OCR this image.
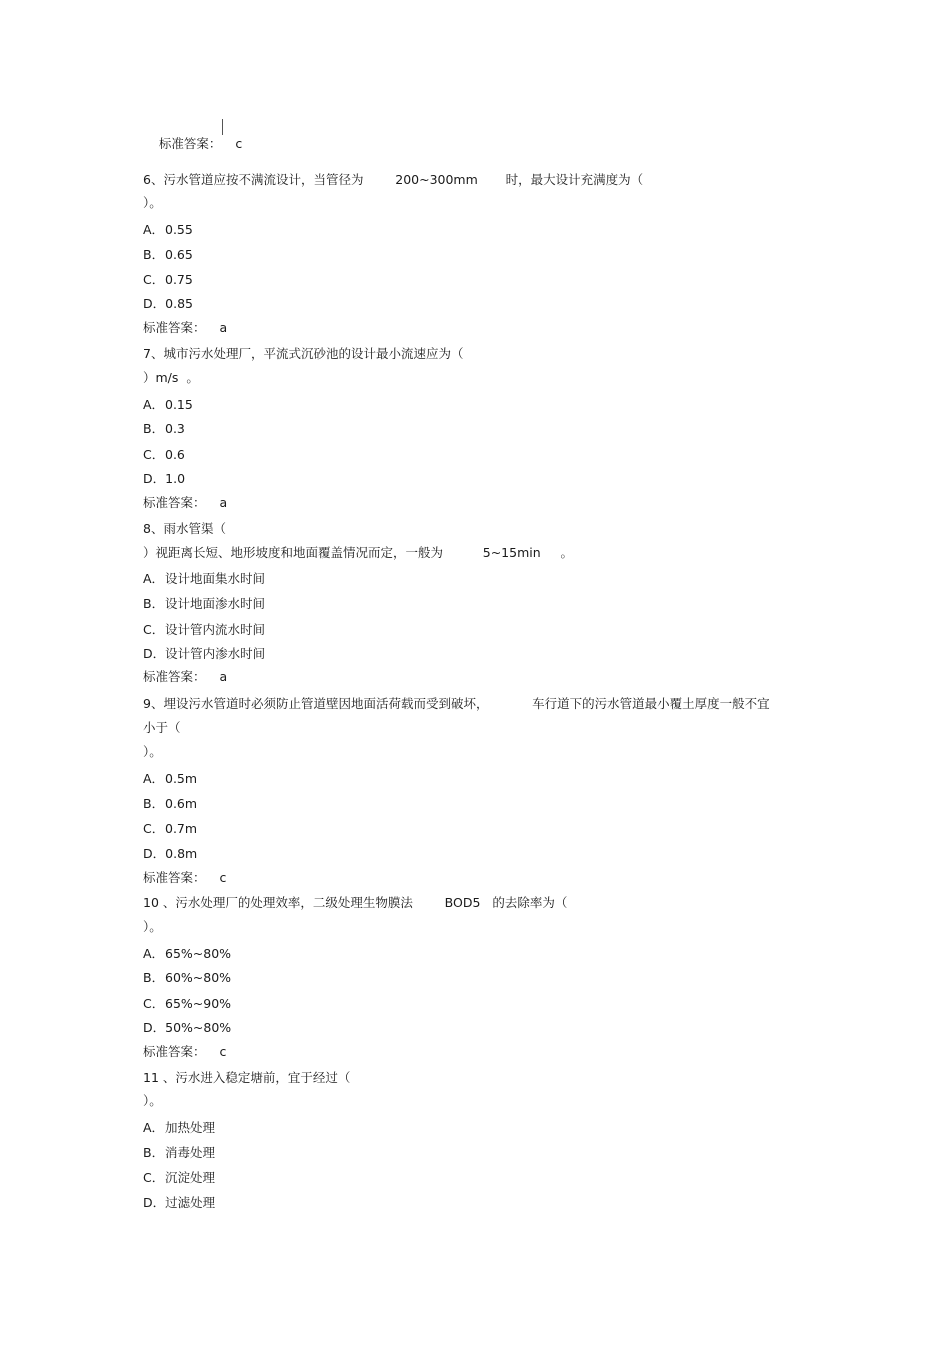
标准答案： c

6、污水管道应按不满流设计，当管径为        200~300mm       时，最大设计充满度为（
）。
A．0.55
B．0.65
C．0.75
D．0.85
标准答案： a
7、城市污水处理厂，平流式沉砂池的设计最小流速应为（
）m/s  。
A．0.15
B．0.3
C．0.6
D．1.0
标准答案： a
8、雨水管渠（
）视距离长短、地形坡度和地面覆盖情况而定，一般为          5~15min     。
A．设计地面集水时间
B．设计地面渗水时间
C．设计管内流水时间
D．设计管内渗水时间
标准答案： a
9、埋设污水管道时必须防止管道壁因地面活荷载而受到破坏，           车行道下的污水管道最小覆土厚度一般不宜
小于（
）。
A．0.5m
B．0.6m
C．0.7m
D．0.8m
标准答案： c
10 、污水处理厂的处理效率，二级处理生物膜法        BOD5   的去除率为（
）。
A．65%~80%
B．60%~80%
C．65%~90%
D．50%~80%
标准答案： c
11 、污水进入稳定塘前，宜于经过（
）。
A．加热处理
B．消毒处理
C．沉淀处理
D．过滤处理
